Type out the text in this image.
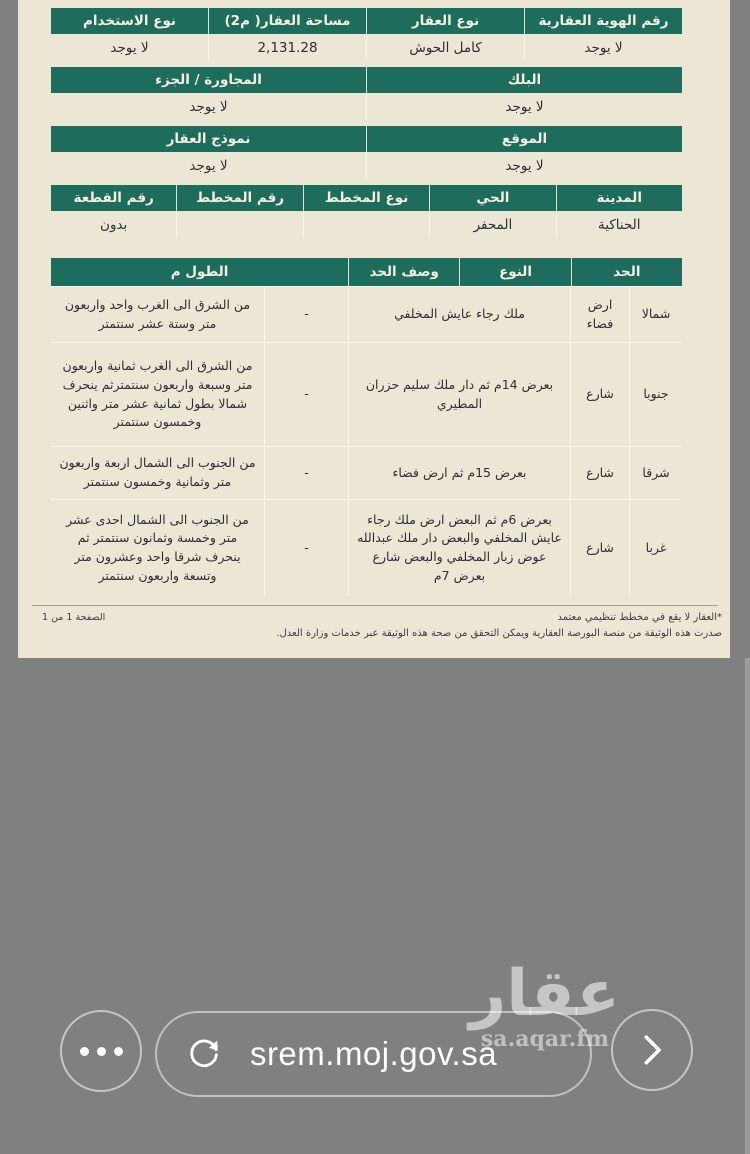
رقم الهوية العقارية
نوع العقار
مساحة العقار( م2)
نوع الاستخدام
لا يوجد
كامل الحوش
2,131.28
لا يوجد
البلك
المجاورة / الجزء
لا يوجد
لا يوجد
الموقع
نموذج العقار
لا يوجد
لا يوجد
المدينة
الحي
نوع المخطط
رقم المخطط
رقم القطعة
الحناكية
المحفر
بدون
الحد
النوع
وصف الحد
الطول م
شمالا
ارض فضاء
ملك رجاء عايش المخلفي
-
من الشرق الى الغرب واحد واربعون متر وستة عشر سنتمتر
جنوبا
شارع
بعرض 14م ثم دار ملك سليم حزران المطيري
-
من الشرق الى الغرب ثمانية واربعون متر وسبعة واربعون سنتمترثم ينحرف شمالا بطول ثمانية عشر متر واثنين وخمسون سنتمتر
شرقا
شارع
بعرض 15م ثم ارض فضاء
-
من الجنوب الى الشمال اربعة واربعون متر وثمانية وخمسون سنتمتر
غربا
شارع
بعرض 6م ثم البعض ارض ملك رجاء عايش المخلفي والبعض دار ملك عبدالله عوض زبار المخلفي والبعض شارع بعرض 7م
-
من الجنوب الى الشمال احدى عشر متر وخمسة وثمانون سنتمتر ثم ينحرف شرقا واحد وعشرون متر وتسعة واربعون سنتمتر
*العقار لا يقع في مخطط تنظيمي معتمد
صدرت هذه الوثيقة من منصة البورصة العقارية ويمكن التحقق من صحة هذه الوثيقة عبر خدمات وزارة العدل.
الصفحة 1 من 1
srem.moj.gov.sa
عقار
sa.aqar.fm
